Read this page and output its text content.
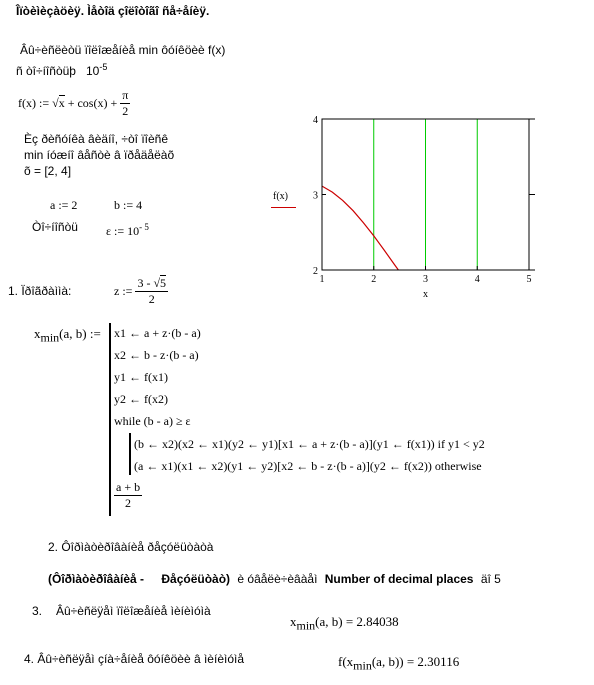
Îïòèìèçàöèÿ. Ìåòîä çîëîòîãî ñå÷åíèÿ.
Âû÷èñëèòü ïîëîæåíèå min ôóíêöèè f(x)
ñ òî÷íîñòüþ $10^{-5}$
f(x) := $√x + \cos(x) + \frac{\pi}{2}$
Èç ðèñóíêà âèäíî, ÷òî ïîèñê
min íóæíî âåñòè â ïðåäåëàõ
õ = [2, 4]
a := 2	b := 4
Òî÷íîñòü ε := $10^{- 5}$
f(x)
1	2	3	4	5
2
3
4
x
1. Ïðîãðàììà:	z := $\frac{3 - √5}{2}$
$x_{min}(a$, b) := x1 ← a + z·(b - a)
x2 ← b - z·(b - a)
y1 ← f(x1)
y2 ← f(x2)
while (b - a) ≥ ε
(b ← x2)(x2 ← x1)(y2 ← y1)[x1 ← a + z·(b - a)](y1 ← f(x1)) if y1 < y2
(a ← x1)(x1 ← x2)(y1 ← y2)[x2 ← b - z·(b - a)](y2 ← f(x2)) otherwise
$\frac{a + b}{2}$
2. Ôîðìàòèðîâàíèå ðåçóëüòàòà
(Ôîðìàòèðîâàíèå - Ðåçóëüòàò) è óâåëè÷èâàåì Number of decimal places äî 5
3. Âû÷èñëÿåì ïîëîæåíèå ìèíèìóìà
$x_{min}(a$, b) = 2.84038
4. Âû÷èñëÿåì çíà÷åíèå ôóíêöèè â ìèíèìóìå	$f(x_{min}(a$, b)) = 2.30116
